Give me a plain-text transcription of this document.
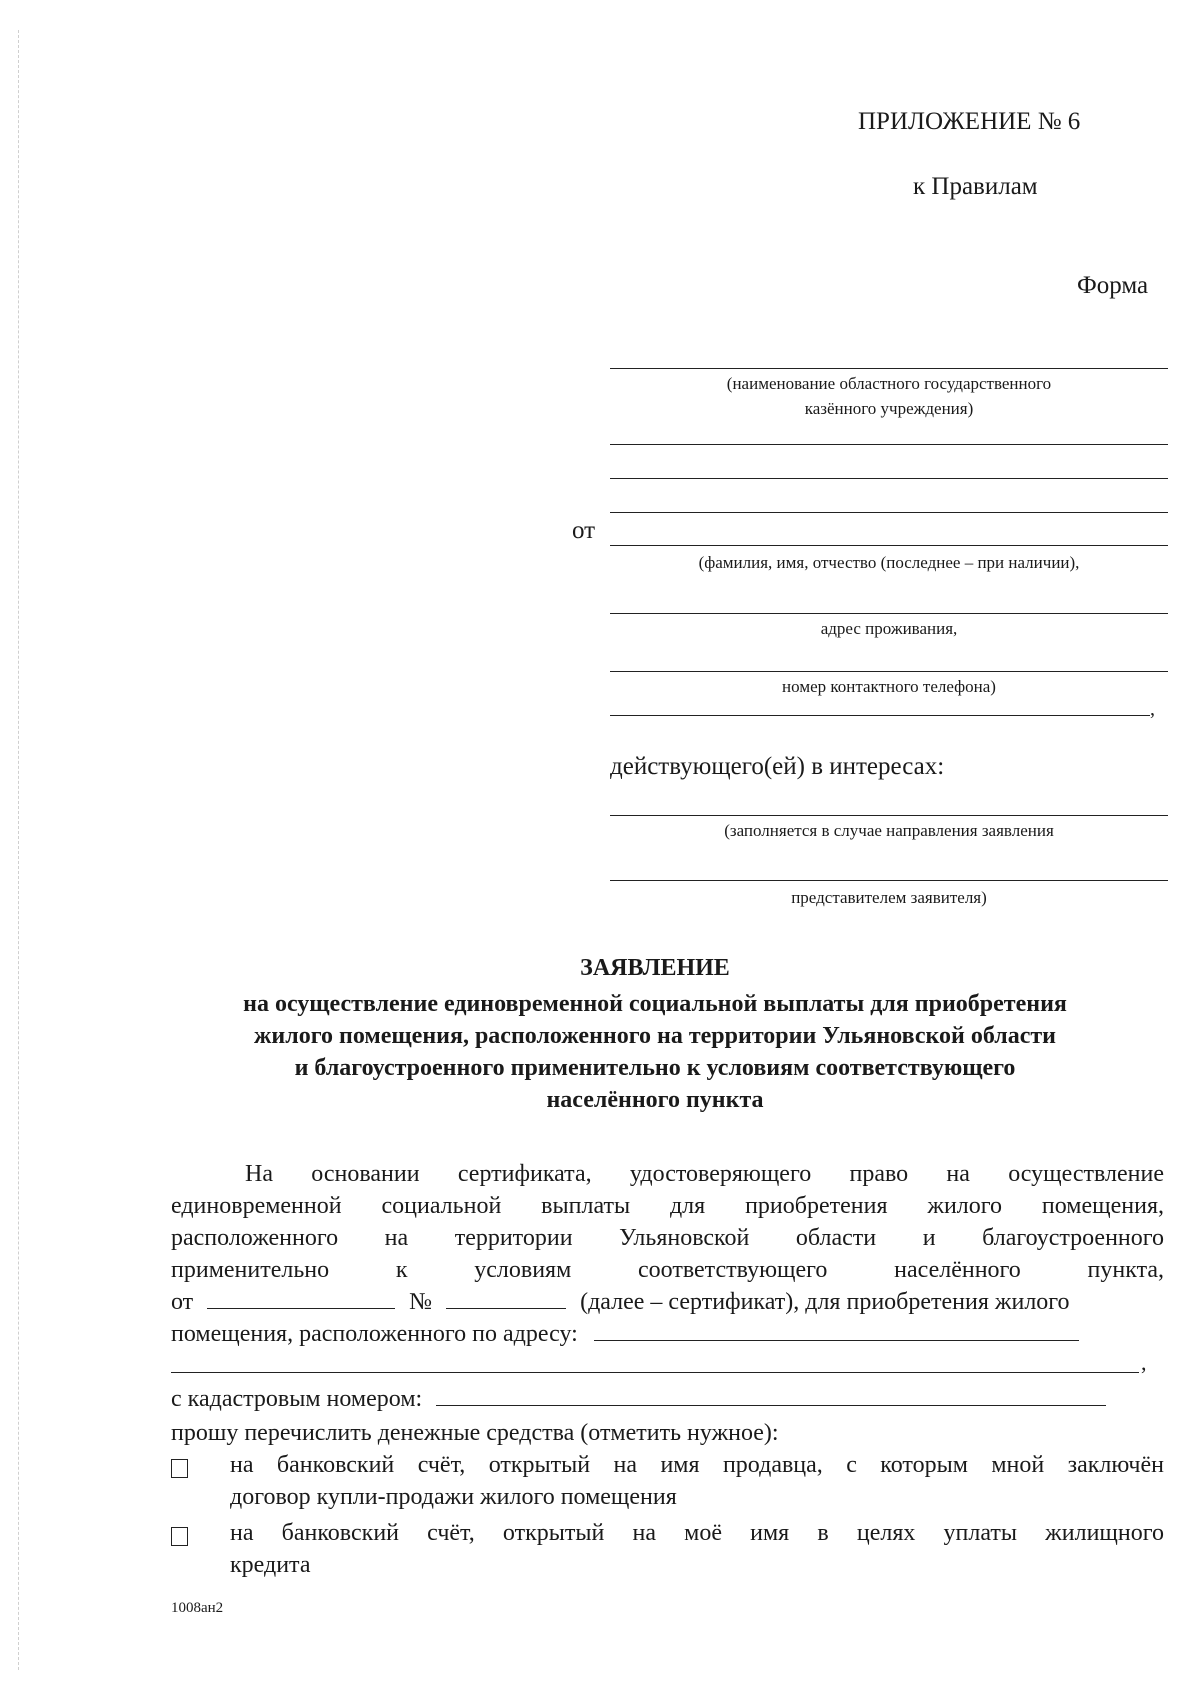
ПРИЛОЖЕНИЕ № 6
к Правилам
Форма
(наименование областного государственного
казённого учреждения)
от
(фамилия, имя, отчество (последнее – при наличии),
адрес проживания,
номер контактного телефона)
,
действующего(ей) в интересах:
(заполняется в случае направления заявления
представителем заявителя)
ЗАЯВЛЕНИЕ
на осуществление единовременной социальной выплаты для приобретения
жилого помещения, расположенного на территории Ульяновской области
и благоустроенного применительно к условиям соответствующего
населённого пункта
На основании сертификата, удостоверяющего право на осуществление
единовременной социальной выплаты для приобретения жилого помещения,
расположенного на территории Ульяновской области и благоустроенного
применительно к условиям соответствующего населённого пункта,
от	№	(далее – сертификат), для приобретения жилого
помещения, расположенного по адресу:
,
с кадастровым номером:
прошу перечислить денежные средства (отметить нужное):
на банковский счёт, открытый на имя продавца, с которым мной заключён
договор купли-продажи жилого помещения
на банковский счёт, открытый на моё имя в целях уплаты жилищного
кредита
1008ан2
